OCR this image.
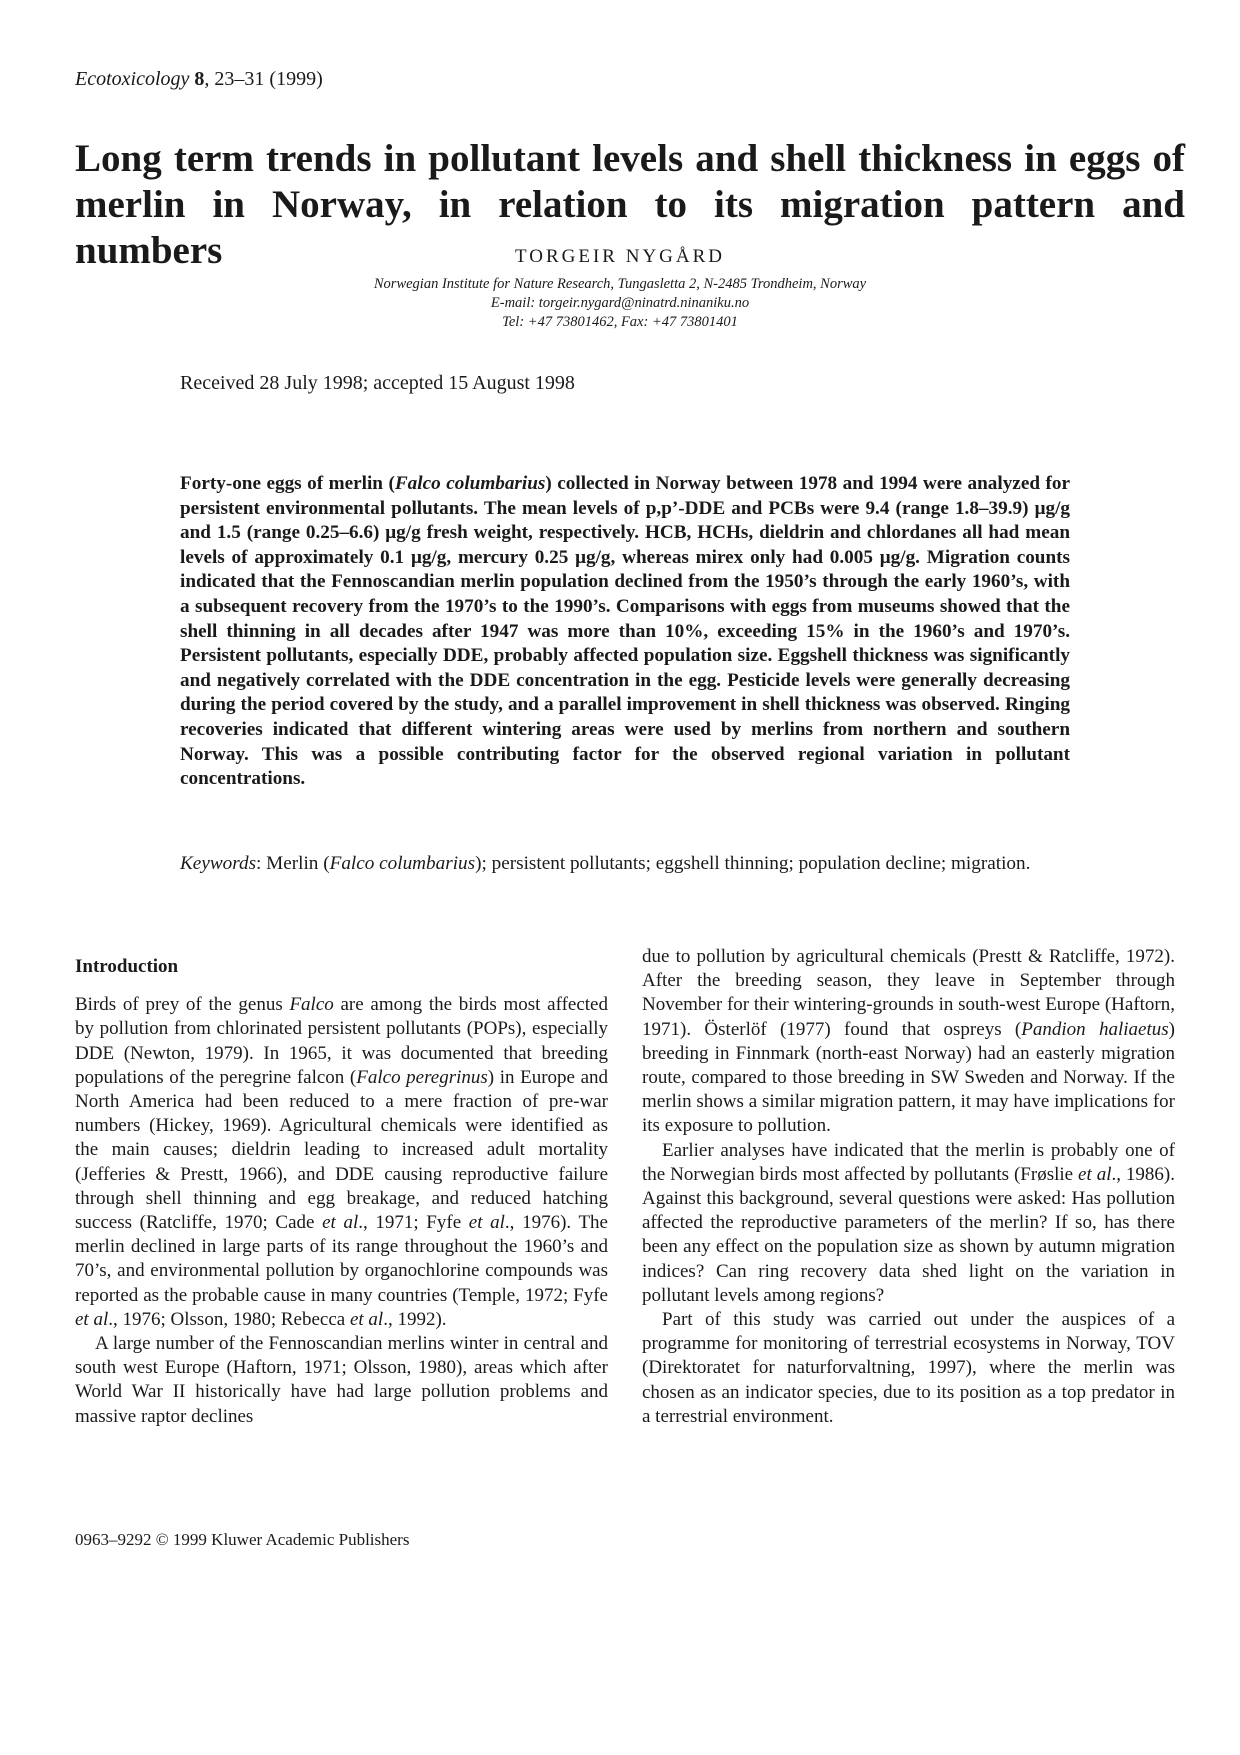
Ecotoxicology 8, 23–31 (1999)
Long term trends in pollutant levels and shell thickness in eggs of
merlin in Norway, in relation to its migration pattern and numbers	TORGEIR NYGÅRD
Norwegian Institute for Nature Research, Tungasletta 2, N-2485 Trondheim, Norway
E-mail: torgeir.nygard@ninatrd.ninaniku.no
Tel: +47 73801462, Fax: +47 73801401
Received 28 July 1998; accepted 15 August 1998
Forty-one eggs of merlin (Falco columbarius) collected in Norway between 1978 and 1994 were analyzed for persistent environmental pollutants. The mean levels of p,p’-DDE and PCBs were 9.4 (range 1.8–39.9) μg/g and 1.5 (range 0.25–6.6) μg/g fresh weight, respectively. HCB, HCHs, dieldrin and chlordanes all had mean levels of approximately 0.1 μg/g, mercury 0.25 μg/g, whereas mirex only had 0.005 μg/g. Migration counts indicated that the Fennoscandian merlin population declined from the 1950’s through the early 1960’s, with a subsequent recovery from the 1970’s to the 1990’s. Comparisons with eggs from museums showed that the shell thinning in all decades after 1947 was more than 10%, exceeding 15% in the 1960’s and 1970’s. Persistent pollutants, especially DDE, probably affected population size. Eggshell thickness was significantly and negatively correlated with the DDE concentration in the egg. Pesticide levels were generally decreasing during the period covered by the study, and a parallel improvement in shell thickness was observed. Ringing recoveries indicated that different wintering areas were used by merlins from northern and southern Norway. This was a possible contributing factor for the observed regional variation in pollutant concentrations.
Keywords: Merlin (Falco columbarius); persistent pollutants; eggshell thinning; population decline; migration.
Introduction

Birds of prey of the genus Falco are among the birds most affected by pollution from chlorinated persistent pollutants (POPs), especially DDE (Newton, 1979). In 1965, it was documented that breeding populations of the peregrine falcon (Falco peregrinus) in Europe and North America had been reduced to a mere fraction of pre-war numbers (Hickey, 1969). Agricultural chemicals were identified as the main causes; dieldrin leading to increased adult mortality (Jefferies & Prestt, 1966), and DDE causing reproductive failure through shell thinning and egg breakage, and reduced hatching success (Ratcliffe, 1970; Cade et al., 1971; Fyfe et al., 1976). The merlin declined in large parts of its range throughout the 1960’s and 70’s, and environmental pollution by organochlorine compounds was reported as the probable cause in many countries (Temple, 1972; Fyfe et al., 1976; Olsson, 1980; Rebecca et al., 1992).

A large number of the Fennoscandian merlins winter in central and south west Europe (Haftorn, 1971; Olsson, 1980), areas which after World War II historically have had large pollution problems and massive raptor declines

due to pollution by agricultural chemicals (Prestt & Ratcliffe, 1972). After the breeding season, they leave in September through November for their wintering-grounds in south-west Europe (Haftorn, 1971). Österlöf (1977) found that ospreys (Pandion haliaetus) breeding in Finnmark (north-east Norway) had an easterly migration route, compared to those breeding in SW Sweden and Norway. If the merlin shows a similar migration pattern, it may have implications for its exposure to pollution.

Earlier analyses have indicated that the merlin is probably one of the Norwegian birds most affected by pollutants (Frøslie et al., 1986). Against this background, several questions were asked: Has pollution affected the reproductive parameters of the merlin? If so, has there been any effect on the population size as shown by autumn migration indices? Can ring recovery data shed light on the variation in pollutant levels among regions?

Part of this study was carried out under the auspices of a programme for monitoring of terrestrial ecosystems in Norway, TOV (Direktoratet for naturforvaltning, 1997), where the merlin was chosen as an indicator species, due to its position as a top predator in a terrestrial environment.

0963–9292 © 1999 Kluwer Academic Publishers
